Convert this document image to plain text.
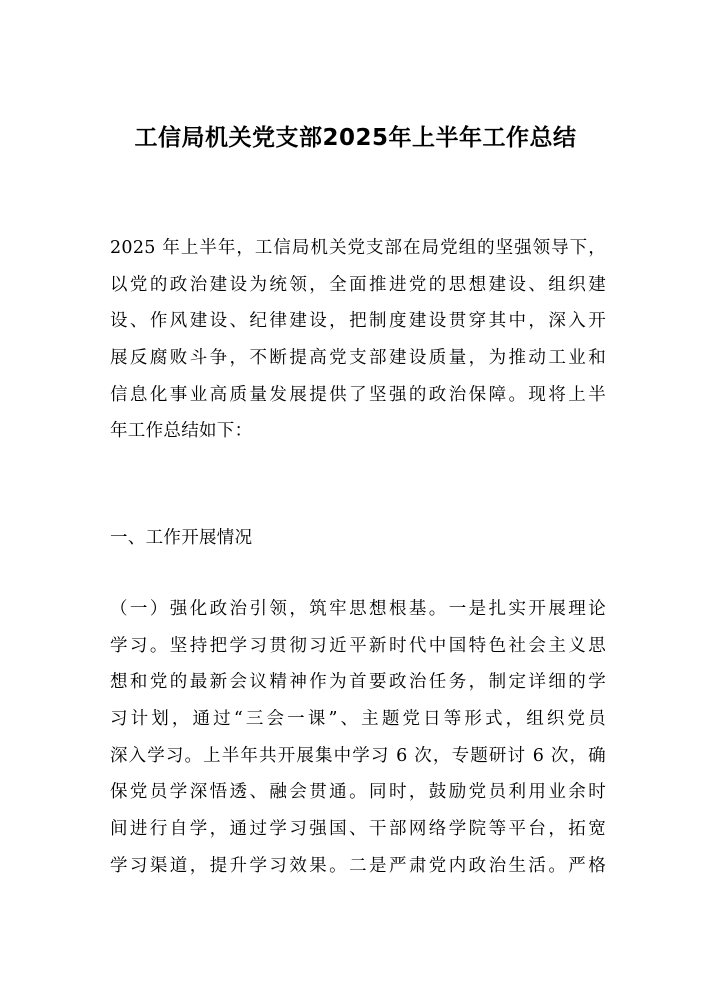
工信局机关党支部2025年上半年工作总结
2025 年上半年，工信局机关党支部在局党组的坚强领导下，
以党的政治建设为统领，全面推进党的思想建设、组织建
设、作风建设、纪律建设，把制度建设贯穿其中，深入开
展反腐败斗争，不断提高党支部建设质量，为推动工业和
信息化事业高质量发展提供了坚强的政治保障。现将上半
年工作总结如下：
一、工作开展情况
（一）强化政治引领，筑牢思想根基。一是扎实开展理论
学习。坚持把学习贯彻习近平新时代中国特色社会主义思
想和党的最新会议精神作为首要政治任务，制定详细的学
习计划，通过“三会一课”、主题党日等形式，组织党员
深入学习。上半年共开展集中学习 6 次，专题研讨 6 次，确
保党员学深悟透、融会贯通。同时，鼓励党员利用业余时
间进行自学，通过学习强国、干部网络学院等平台，拓宽
学习渠道，提升学习效果。二是严肃党内政治生活。严格
